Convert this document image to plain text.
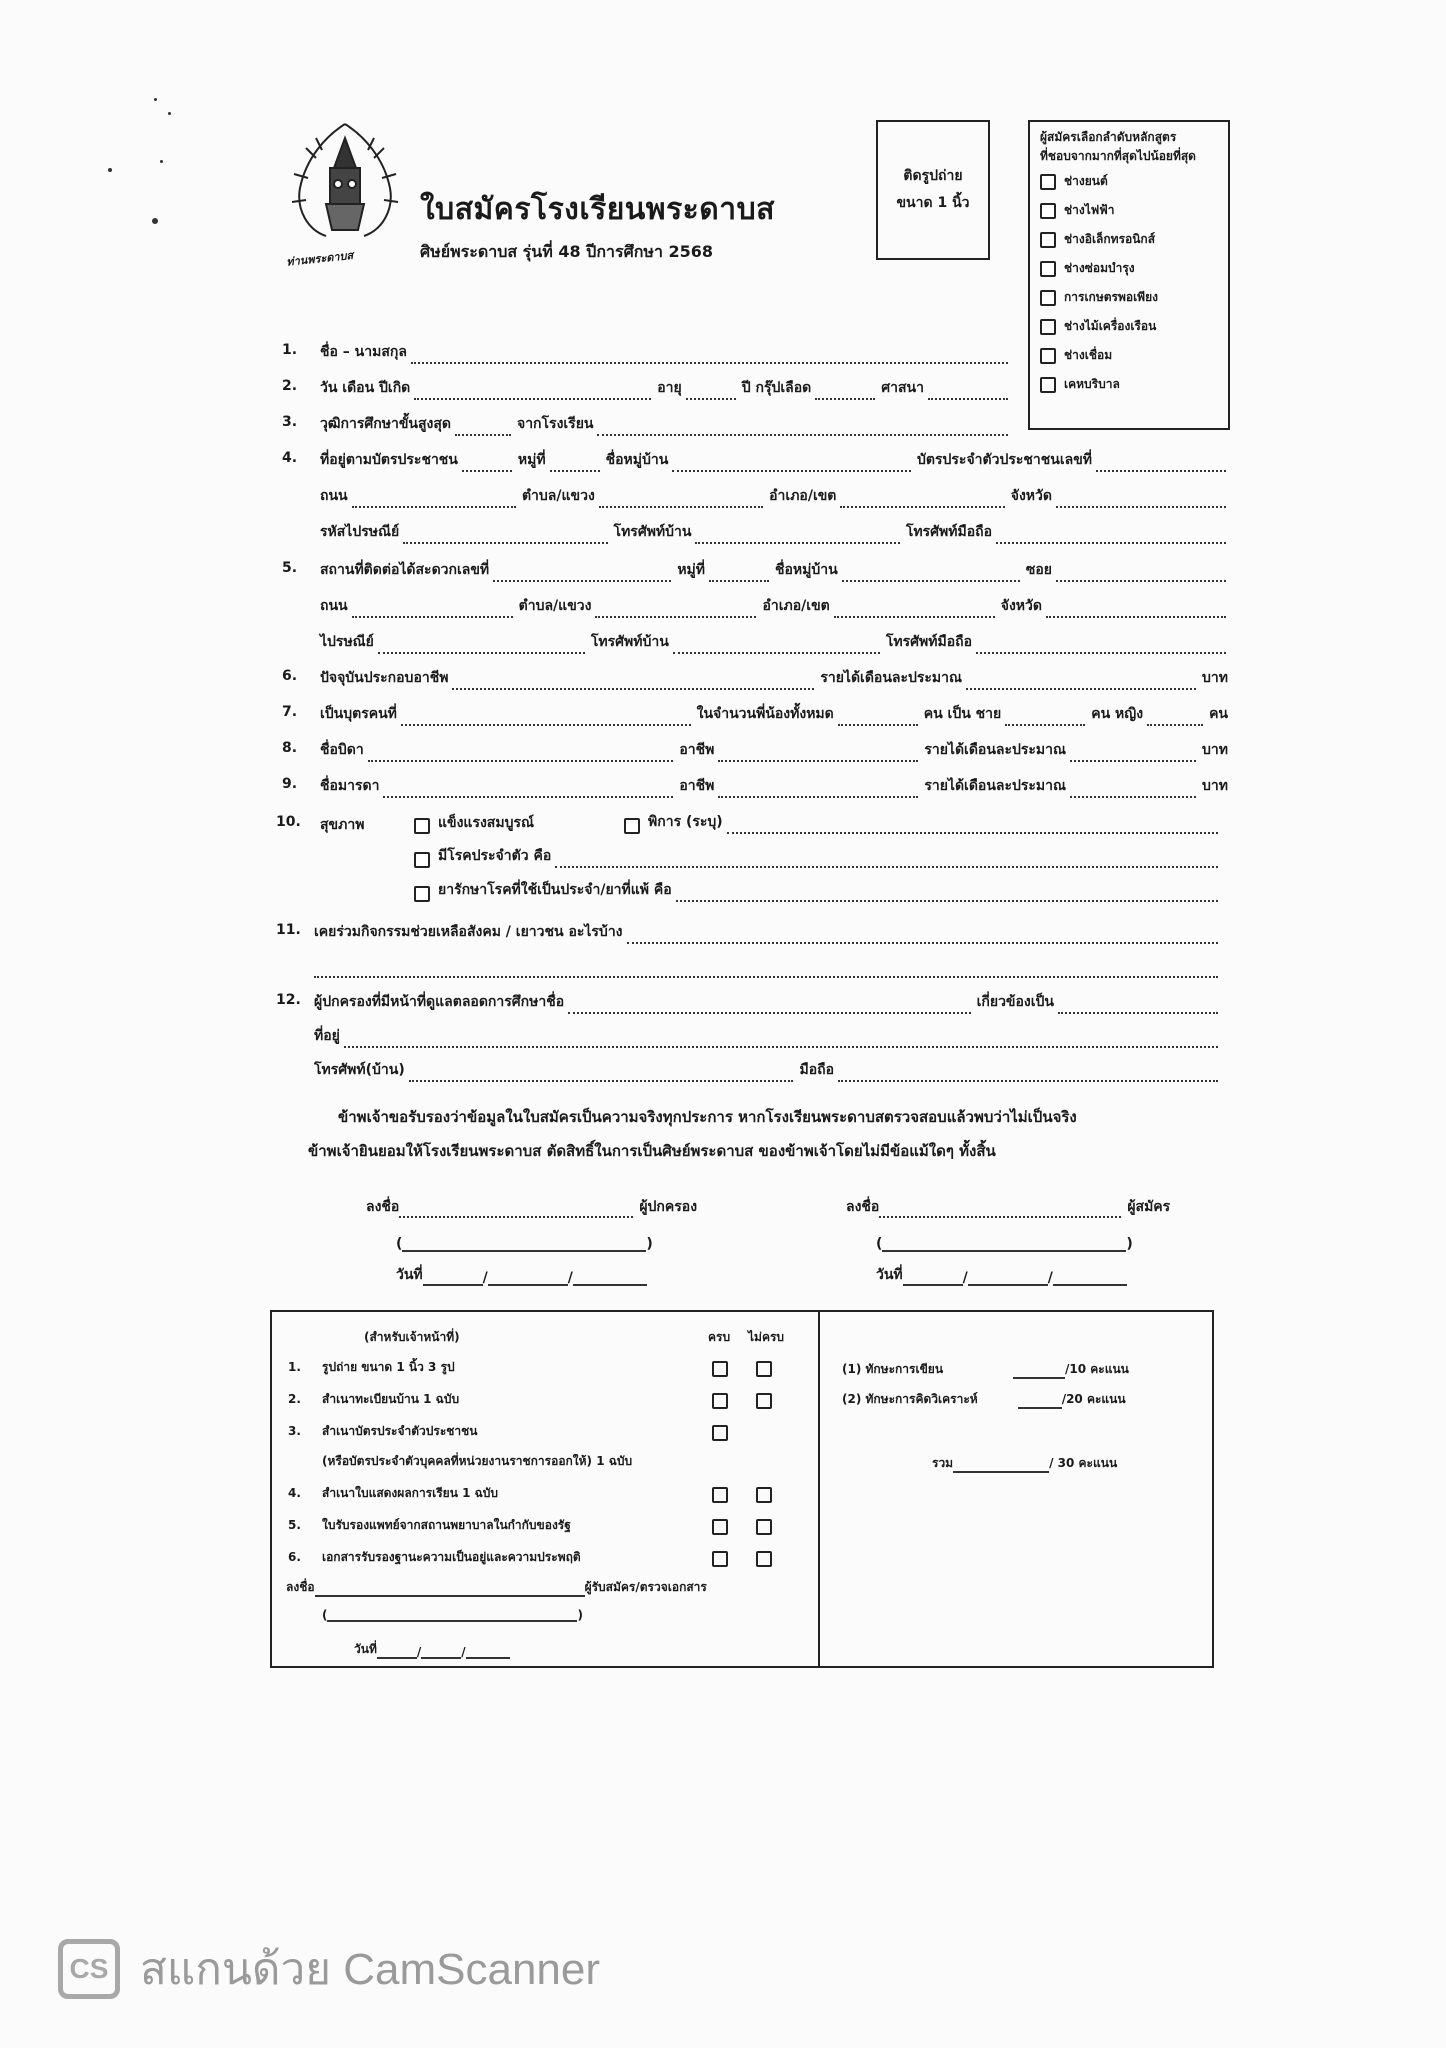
ท่านพระดาบส
ใบสมัครโรงเรียนพระดาบส
ศิษย์พระดาบส รุ่นที่ 48 ปีการศึกษา 2568
ติดรูปถ่าย
ขนาด 1 นิ้ว
ผู้สมัครเลือกลำดับหลักสูตร
ที่ชอบจากมากที่สุดไปน้อยที่สุด
ช่างยนต์
ช่างไฟฟ้า
ช่างอิเล็กทรอนิกส์
ช่างซ่อมบำรุง
การเกษตรพอเพียง
ช่างไม้เครื่องเรือน
ช่างเชื่อม
เคหบริบาล
1.	ชื่อ – นามสกุล
2.	วัน เดือน ปีเกิด	อายุ	ปี กรุ๊ปเลือด	ศาสนา
3.	วุฒิการศึกษาขั้นสูงสุด	จากโรงเรียน
4.	ที่อยู่ตามบัตรประชาชน	หมู่ที่	ชื่อหมู่บ้าน	บัตรประจำตัวประชาชนเลขที่
ถนน	ตำบล/แขวง	อำเภอ/เขต	จังหวัด
รหัสไปรษณีย์	โทรศัพท์บ้าน	โทรศัพท์มือถือ
5.	สถานที่ติดต่อได้สะดวกเลขที่	หมู่ที่	ชื่อหมู่บ้าน	ซอย
ถนน	ตำบล/แขวง	อำเภอ/เขต	จังหวัด
ไปรษณีย์	โทรศัพท์บ้าน	โทรศัพท์มือถือ
6.	ปัจจุบันประกอบอาชีพ	รายได้เดือนละประมาณ	บาท
7.	เป็นบุตรคนที่	ในจำนวนพี่น้องทั้งหมด	คน เป็น ชาย	คน หญิง	คน
8.	ชื่อบิดา	อาชีพ	รายได้เดือนละประมาณ	บาท
9.	ชื่อมารดา	อาชีพ	รายได้เดือนละประมาณ	บาท
10.	สุขภาพ	แข็งแรงสมบูรณ์	พิการ (ระบุ)
มีโรคประจำตัว คือ
ยารักษาโรคที่ใช้เป็นประจำ/ยาที่แพ้ คือ
11. เคยร่วมกิจกรรมช่วยเหลือสังคม / เยาวชน อะไรบ้าง
12. ผู้ปกครองที่มีหน้าที่ดูแลตลอดการศึกษาชื่อ	เกี่ยวข้องเป็น
ที่อยู่
โทรศัพท์(บ้าน)	มือถือ
ข้าพเจ้าขอรับรองว่าข้อมูลในใบสมัครเป็นความจริงทุกประการ หากโรงเรียนพระดาบสตรวจสอบแล้วพบว่าไม่เป็นจริง
ข้าพเจ้ายินยอมให้โรงเรียนพระดาบส ตัดสิทธิ์ในการเป็นศิษย์พระดาบส ของข้าพเจ้าโดยไม่มีข้อแม้ใดๆ ทั้งสิ้น
ลงชื่อ	ผู้ปกครอง
(	)
วันที่	/	/
ลงชื่อ	ผู้สมัคร
(	)
วันที่	/	/
(สำหรับเจ้าหน้าที่)	ครบ ไม่ครบ
1.	รูปถ่าย ขนาด 1 นิ้ว 3 รูป
2.	สำเนาทะเบียนบ้าน 1 ฉบับ
3.	สำเนาบัตรประจำตัวประชาชน
(หรือบัตรประจำตัวบุคคลที่หน่วยงานราชการออกให้) 1 ฉบับ
4.	สำเนาใบแสดงผลการเรียน 1 ฉบับ
5.	ใบรับรองแพทย์จากสถานพยาบาลในกำกับของรัฐ
6.	เอกสารรับรองฐานะความเป็นอยู่และความประพฤติ
ลงชื่อ	ผู้รับสมัคร/ตรวจเอกสาร
(	)
วันที่	/	/
(1) ทักษะการเขียน	/10 คะแนน
(2) ทักษะการคิดวิเคราะห์	/20 คะแนน
รวม	/ 30 คะแนน
CS สแกนด้วย CamScanner
